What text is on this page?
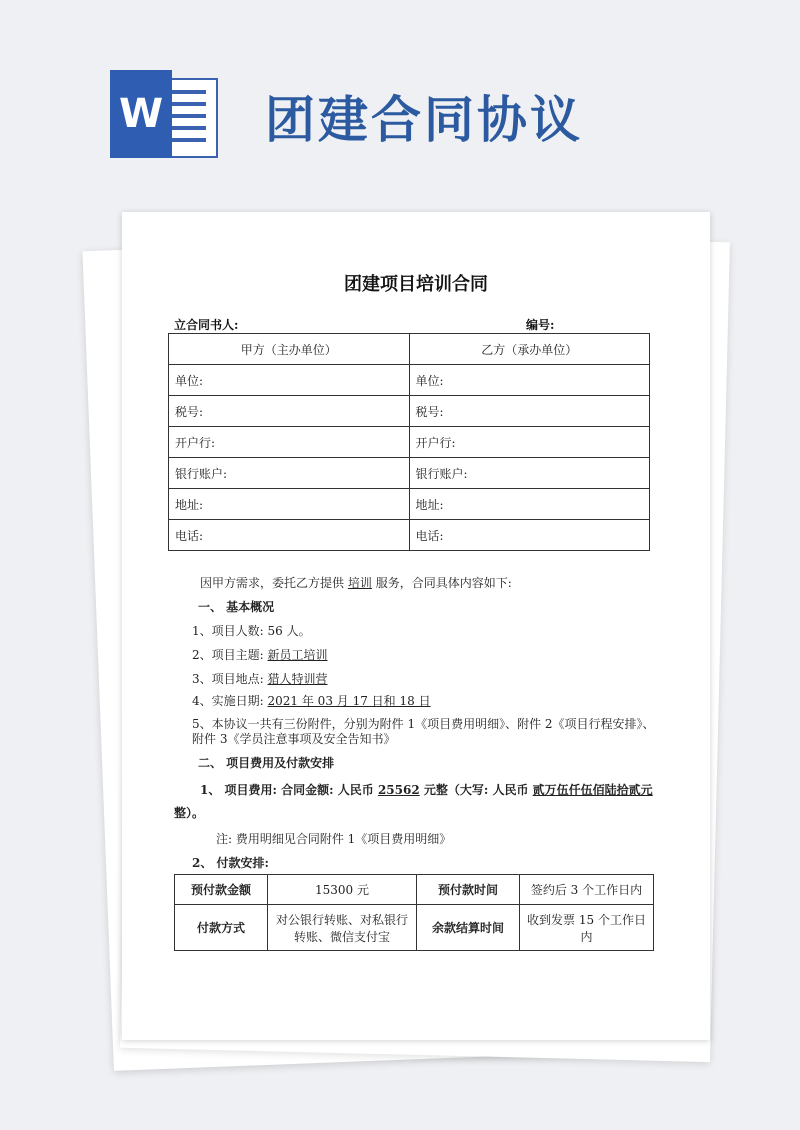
W 团建合同协议
团建项目培训合同
立合同书人:	编号:
甲方（主办单位）	乙方（承办单位）
单位:	单位:
税号:	税号:
开户行:	开户行:
银行账户:	银行账户:
地址:	地址:
电话:	电话:
因甲方需求，委托乙方提供 培训 服务，合同具体内容如下:
一、 基本概况
1、项目人数: 56 人。
2、项目主题: 新员工培训
3、项目地点: 猎人特训营
4、实施日期: 2021 年 03 月 17 日和 18 日
5、本协议一共有三份附件，分别为附件 1《项目费用明细》、附件 2《项目行程安排》、
附件 3《学员注意事项及安全告知书》
二、 项目费用及付款安排
1、 项目费用: 合同金额: 人民币 25562 元整（大写: 人民币 贰万伍仟伍佰陆拾贰元
整）。
注: 费用明细见合同附件 1《项目费用明细》
2、 付款安排:
预付款金额	15300 元	预付款时间	签约后 3 个工作日内
付款方式	对公银行转账、对私银行转账、微信支付宝	余款结算时间	收到发票 15 个工作日内
